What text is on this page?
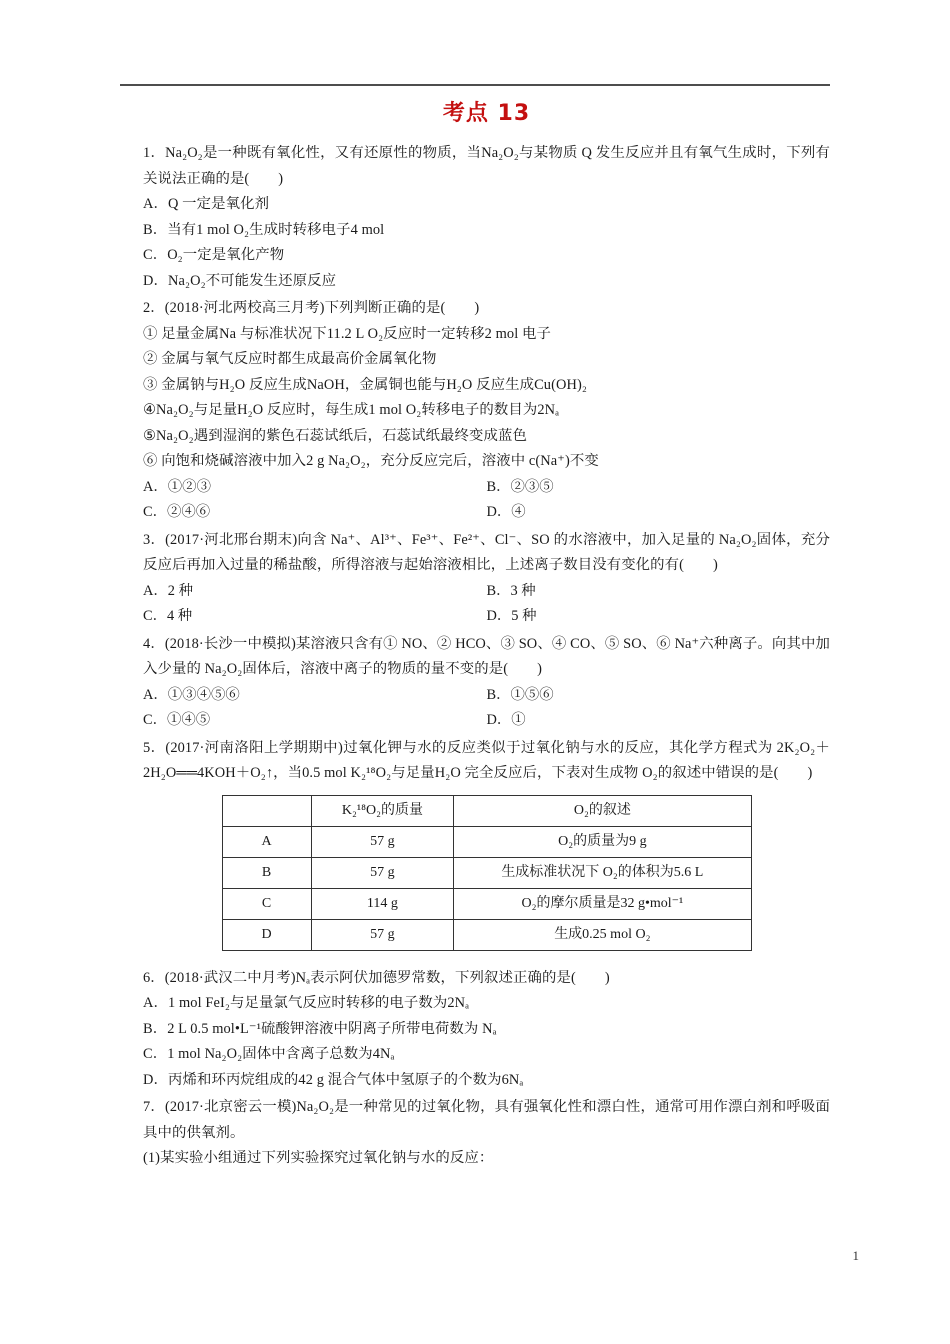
考点 13

1．Na₂O₂是一种既有氧化性，又有还原性的物质，当Na₂O₂与某物质 Q 发生反应并且有氧气生成时，下列有关说法正确的是(　　)

A．Q 一定是氧化剂

B．当有1 mol O₂生成时转移电子4 mol

C．O₂一定是氧化产物

D．Na₂O₂不可能发生还原反应

2．(2018·河北两校高三月考)下列判断正确的是(　　)

① 足量金属Na 与标准状况下11.2 L O₂反应时一定转移2 mol 电子

② 金属与氧气反应时都生成最高价金属氧化物

③ 金属钠与H₂O 反应生成NaOH，金属铜也能与H₂O 反应生成Cu(OH)₂

④Na₂O₂与足量H₂O 反应时，每生成1 mol O₂转移电子的数目为2Nₐ

⑤Na₂O₂遇到湿润的紫色石蕊试纸后，石蕊试纸最终变成蓝色

⑥ 向饱和烧碱溶液中加入2 g Na₂O₂，充分反应完后，溶液中 c(Na⁺)不变

A．①②③	B．②③⑤
C．②④⑥	D．④

3．(2017·河北邢台期末)向含 Na⁺、Al³⁺、Fe³⁺、Fe²⁺、Cl⁻、SO 的水溶液中，加入足量的 Na₂O₂固体，充分反应后再加入过量的稀盐酸，所得溶液与起始溶液相比，上述离子数目没有变化的有(　　)

A．2 种	B．3 种
C．4 种	D．5 种

4．(2018·长沙一中模拟)某溶液只含有① NO、② HCO、③ SO、④ CO、⑤ SO、⑥ Na⁺六种离子。向其中加入少量的 Na₂O₂固体后，溶液中离子的物质的量不变的是(　　)

A．①③④⑤⑥	B．①⑤⑥
C．①④⑤	D．①

5．(2017·河南洛阳上学期期中)过氧化钾与水的反应类似于过氧化钠与水的反应，其化学方程式为 2K₂O₂＋2H₂O══4KOH＋O₂↑，当0.5 mol K₂¹⁸O₂与足量H₂O 完全反应后，下表对生成物 O₂的叙述中错误的是(　　)

	K₂¹⁸O₂的质量	O₂的叙述
A	57 g	O₂的质量为9 g
B	57 g	生成标准状况下 O₂的体积为5.6 L
C	114 g	O₂的摩尔质量是32 g•mol⁻¹
D	57 g	生成0.25 mol O₂

6．(2018·武汉二中月考)Nₐ表示阿伏加德罗常数，下列叙述正确的是(　　)

A．1 mol FeI₂与足量氯气反应时转移的电子数为2Nₐ

B．2 L 0.5 mol•L⁻¹硫酸钾溶液中阴离子所带电荷数为 Nₐ

C．1 mol Na₂O₂固体中含离子总数为4Nₐ

D．丙烯和环丙烷组成的42 g 混合气体中氢原子的个数为6Nₐ

7．(2017·北京密云一模)Na₂O₂是一种常见的过氧化物，具有强氧化性和漂白性，通常可用作漂白剂和呼吸面具中的供氧剂。

(1)某实验小组通过下列实验探究过氧化钠与水的反应：

1
